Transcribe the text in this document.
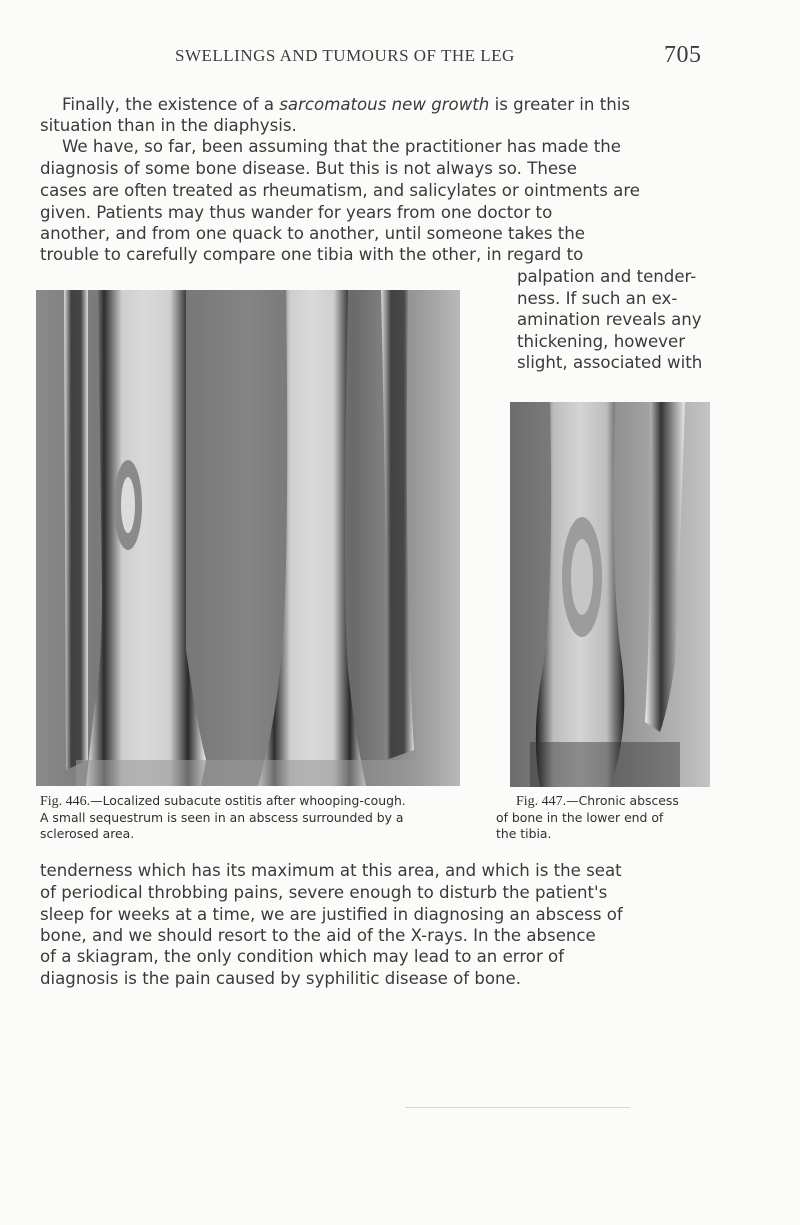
SWELLINGS AND TUMOURS OF THE LEG	705
Finally, the existence of a sarcomatous new growth is greater in this
situation than in the diaphysis.
We have, so far, been assuming that the practitioner has made the
diagnosis of some bone disease. But this is not always so. These
cases are often treated as rheumatism, and salicylates or ointments are
given. Patients may thus wander for years from one doctor to
another, and from one quack to another, until someone takes the
trouble to carefully compare one tibia with the other, in regard to
palpation and tender-
ness. If such an ex-
amination reveals any
thickening, however
slight, associated with
Fig. 446.—Localized subacute ostitis after whooping-cough.
A small sequestrum is seen in an abscess surrounded by a
sclerosed area.
Fig. 447.—Chronic abscess
of bone in the lower end of
the tibia.
tenderness which has its maximum at this area, and which is the seat
of periodical throbbing pains, severe enough to disturb the patient's
sleep for weeks at a time, we are justified in diagnosing an abscess of
bone, and we should resort to the aid of the X-rays. In the absence
of a skiagram, the only condition which may lead to an error of
diagnosis is the pain caused by syphilitic disease of bone.
